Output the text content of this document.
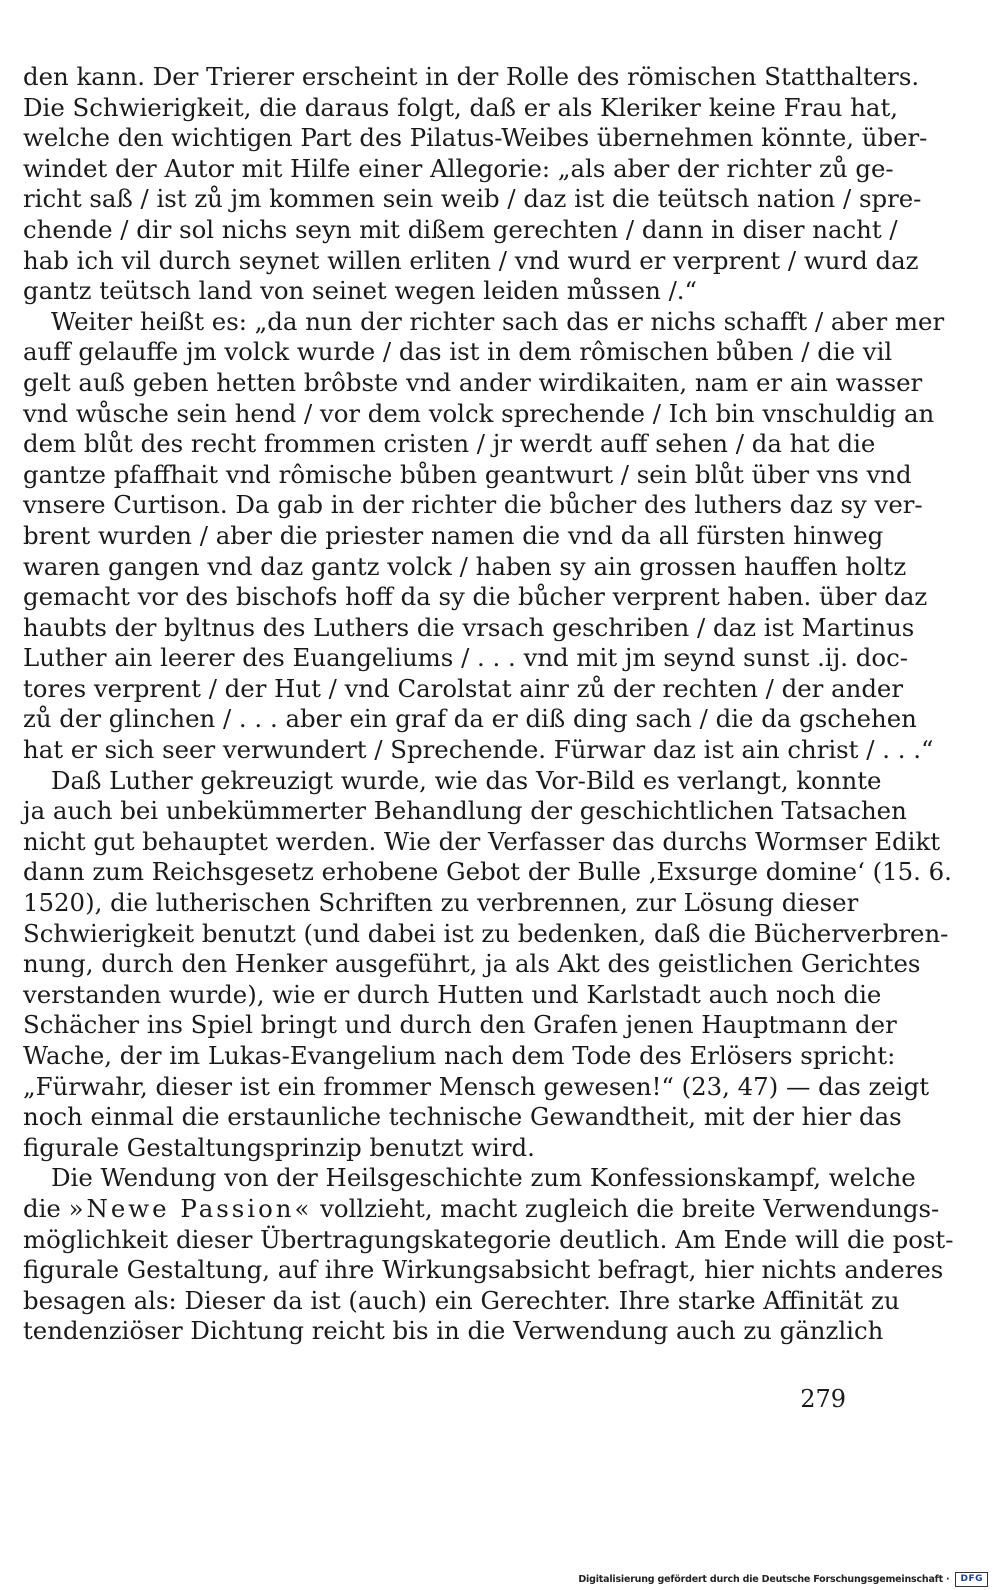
den kann. Der Trierer erscheint in der Rolle des römischen Statthalters.
Die Schwierigkeit, die daraus folgt, daß er als Kleriker keine Frau hat,
welche den wichtigen Part des Pilatus-Weibes übernehmen könnte, über-
windet der Autor mit Hilfe einer Allegorie: „als aber der richter zů ge-
richt saß / ist zů jm kommen sein weib / daz ist die teütsch nation / spre-
chende / dir sol nichs seyn mit dißem gerechten / dann in diser nacht /
hab ich vil durch seynet willen erliten / vnd wurd er verprent / wurd daz
gantz teütsch land von seinet wegen leiden můssen /.“
Weiter heißt es: „da nun der richter sach das er nichs schafft / aber mer
auff gelauffe jm volck wurde / das ist in dem rômischen bůben / die vil
gelt auß geben hetten brôbste vnd ander wirdikaiten, nam er ain wasser
vnd wůsche sein hend / vor dem volck sprechende / Ich bin vnschuldig an
dem blůt des recht frommen cristen / jr werdt auff sehen / da hat die
gantze pfaffhait vnd rômische bůben geantwurt / sein blůt über vns vnd
vnsere Curtison. Da gab in der richter die bůcher des luthers daz sy ver-
brent wurden / aber die priester namen die vnd da all fürsten hinweg
waren gangen vnd daz gantz volck / haben sy ain grossen hauffen holtz
gemacht vor des bischofs hoff da sy die bůcher verprent haben. über daz
haubts der byltnus des Luthers die vrsach geschriben / daz ist Martinus
Luther ain leerer des Euangeliums / . . . vnd mit jm seynd sunst .ij. doc-
tores verprent / der Hut / vnd Carolstat ainr zů der rechten / der ander
zů der glinchen / . . . aber ein graf da er diß ding sach / die da gschehen
hat er sich seer verwundert / Sprechende. Fürwar daz ist ain christ / . . .“
Daß Luther gekreuzigt wurde, wie das Vor-Bild es verlangt, konnte
ja auch bei unbekümmerter Behandlung der geschichtlichen Tatsachen
nicht gut behauptet werden. Wie der Verfasser das durchs Wormser Edikt
dann zum Reichsgesetz erhobene Gebot der Bulle ‚Exsurge domine‘ (15. 6.
1520), die lutherischen Schriften zu verbrennen, zur Lösung dieser
Schwierigkeit benutzt (und dabei ist zu bedenken, daß die Bücherverbren-
nung, durch den Henker ausgeführt, ja als Akt des geistlichen Gerichtes
verstanden wurde), wie er durch Hutten und Karlstadt auch noch die
Schächer ins Spiel bringt und durch den Grafen jenen Hauptmann der
Wache, der im Lukas-Evangelium nach dem Tode des Erlösers spricht:
„Fürwahr, dieser ist ein frommer Mensch gewesen!“ (23, 47) — das zeigt
noch einmal die erstaunliche technische Gewandtheit, mit der hier das
figurale Gestaltungsprinzip benutzt wird.
Die Wendung von der Heilsgeschichte zum Konfessionskampf, welche
die »Newe Passion« vollzieht, macht zugleich die breite Verwendungs-
möglichkeit dieser Übertragungskategorie deutlich. Am Ende will die post-
figurale Gestaltung, auf ihre Wirkungsabsicht befragt, hier nichts anderes
besagen als: Dieser da ist (auch) ein Gerechter. Ihre starke Affinität zu
tendenziöser Dichtung reicht bis in die Verwendung auch zu gänzlich
279
Digitalisierung gefördert durch die Deutsche Forschungsgemeinschaft ·	DFG
